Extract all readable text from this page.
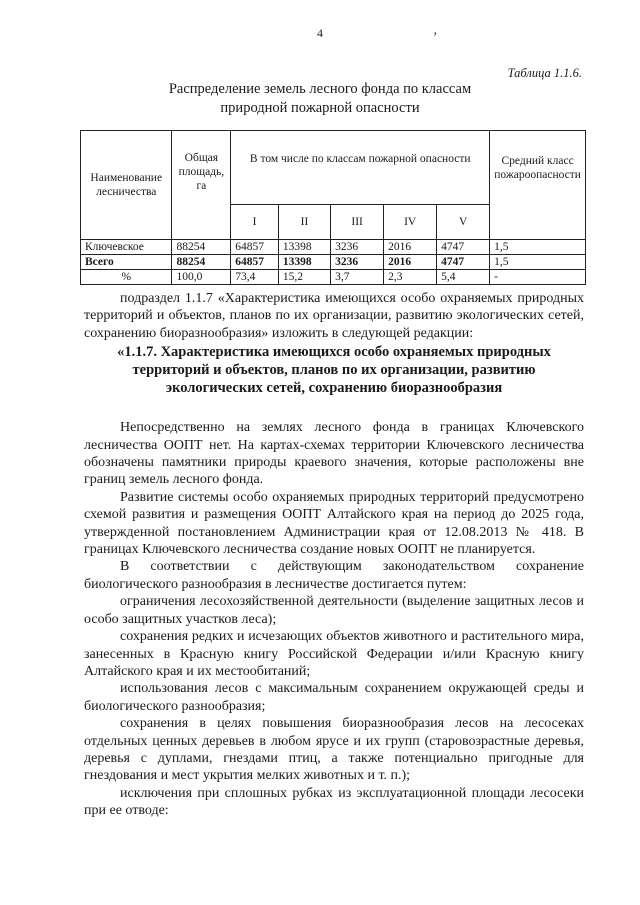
4	‚
Таблица 1.1.6.
Распределение земель лесного фонда по классам
природной пожарной опасности
Наименование лесничества	Общая площадь, га	В том числе по классам пожарной опасности					Средний класс пожароопасности
		I	II	III	IV	V	
Ключевское	88254	64857	13398	3236	2016	4747	1,5
Всего	88254	64857	13398	3236	2016	4747	1,5
%	100,0	73,4	15,2	3,7	2,3	5,4	-

подраздел 1.1.7 «Характеристика имеющихся особо охраняемых природных территорий и объектов, планов по их организации, развитию экологических сетей, сохранению биоразнообразия» изложить в следующей редакции:

«1.1.7. Характеристика имеющихся особо охраняемых природных территорий и объектов, планов по их организации, развитию экологических сетей, сохранению биоразнообразия

Непосредственно на землях лесного фонда в границах Ключевского лесничества ООПТ нет. На картах-схемах территории Ключевского лесничества обозначены памятники природы краевого значения, которые расположены вне границ земель лесного фонда.

Развитие системы особо охраняемых природных территорий предусмотрено схемой развития и размещения ООПТ Алтайского края на период до 2025 года, утвержденной постановлением Администрации края от 12.08.2013 № 418. В границах Ключевского лесничества создание новых ООПТ не планируется.

В соответствии с действующим законодательством сохранение биологического разнообразия в лесничестве достигается путем:

ограничения лесохозяйственной деятельности (выделение защитных лесов и особо защитных участков леса);

сохранения редких и исчезающих объектов животного и растительного мира, занесенных в Красную книгу Российской Федерации и/или Красную книгу Алтайского края и их местообитаний;

использования лесов с максимальным сохранением окружающей среды и биологического разнообразия;

сохранения в целях повышения биоразнообразия лесов на лесосеках отдельных ценных деревьев в любом ярусе и их групп (старовозрастные деревья, деревья с дуплами, гнездами птиц, а также потенциально пригодные для гнездования и мест укрытия мелких животных и т. п.);

исключения при сплошных рубках из эксплуатационной площади лесосеки при ее отводе:
